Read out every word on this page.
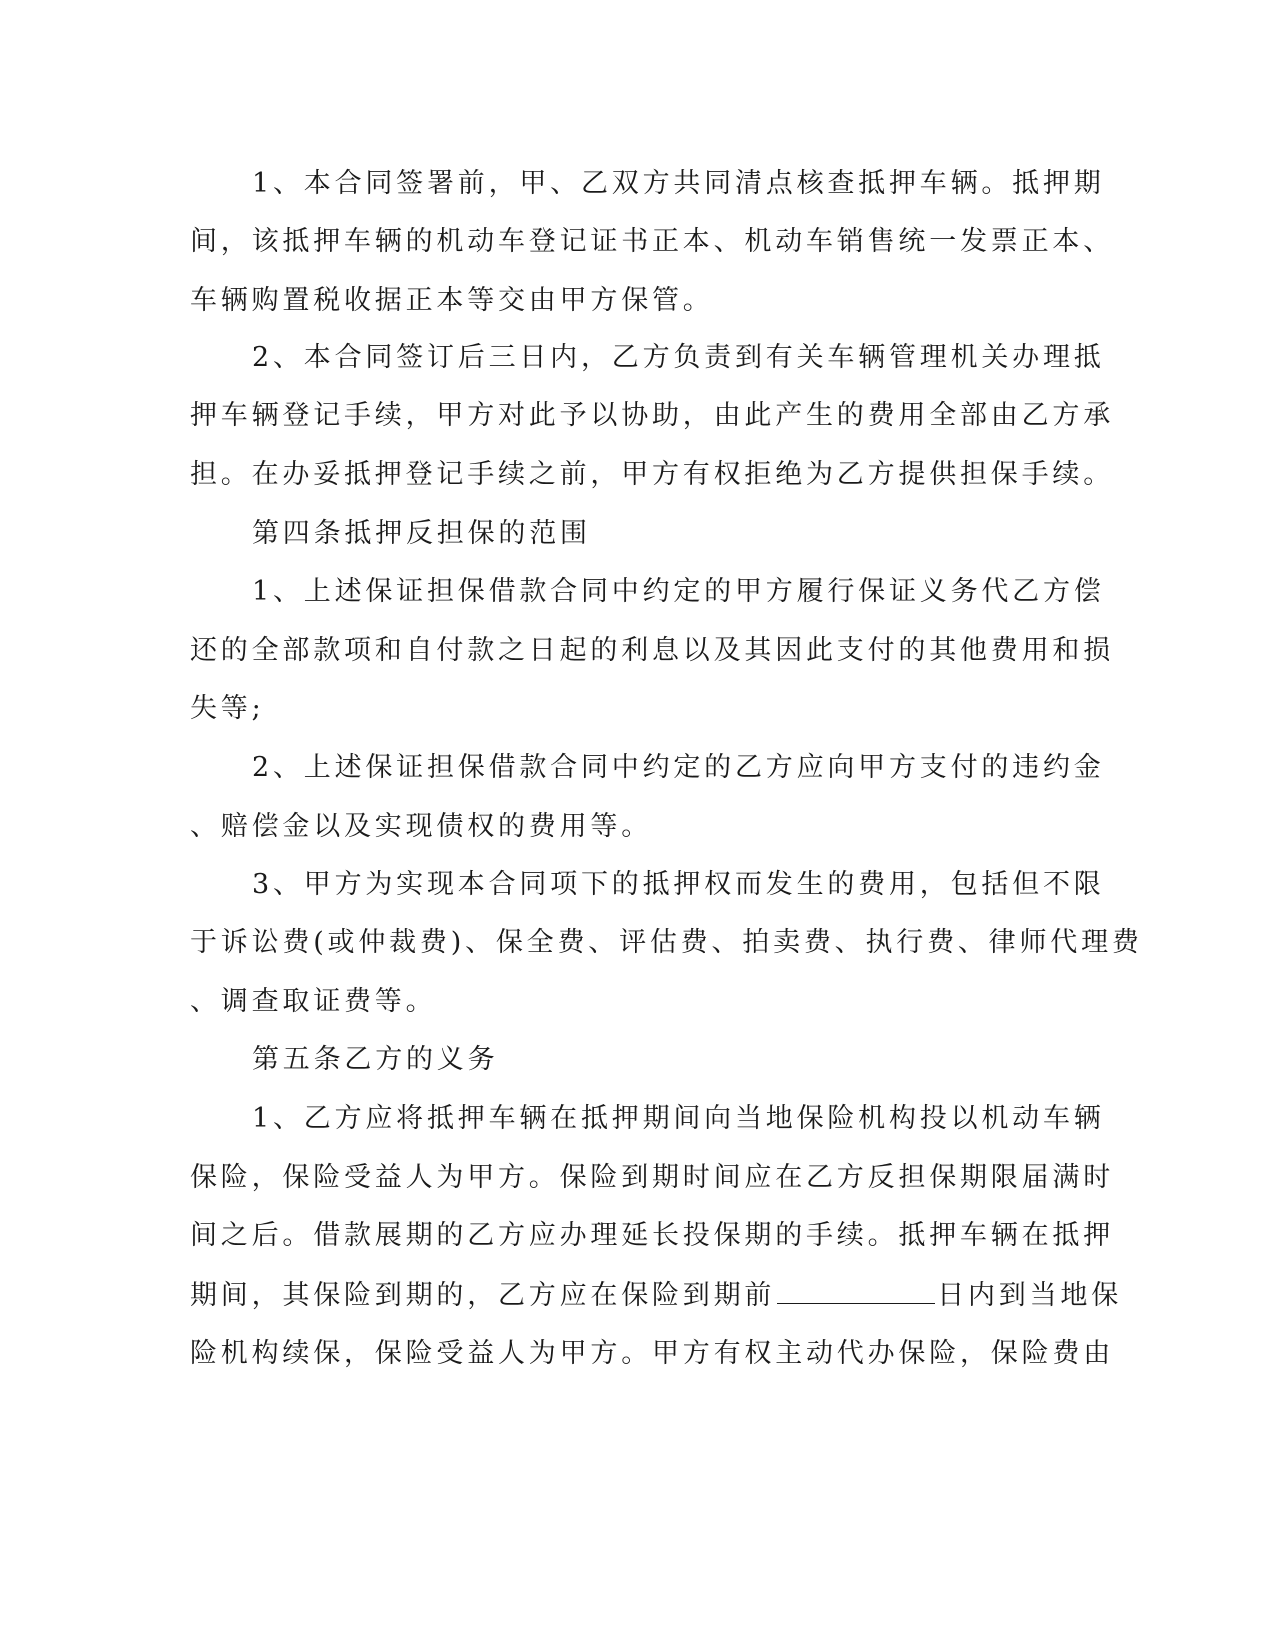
1、本合同签署前，甲、乙双方共同清点核查抵押车辆。抵押期
间，该抵押车辆的机动车登记证书正本、机动车销售统一发票正本、
车辆购置税收据正本等交由甲方保管。
2、本合同签订后三日内，乙方负责到有关车辆管理机关办理抵
押车辆登记手续，甲方对此予以协助，由此产生的费用全部由乙方承
担。在办妥抵押登记手续之前，甲方有权拒绝为乙方提供担保手续。
第四条抵押反担保的范围
1、上述保证担保借款合同中约定的甲方履行保证义务代乙方偿
还的全部款项和自付款之日起的利息以及其因此支付的其他费用和损
失等;
2、上述保证担保借款合同中约定的乙方应向甲方支付的违约金
、赔偿金以及实现债权的费用等。
3、甲方为实现本合同项下的抵押权而发生的费用，包括但不限
于诉讼费(或仲裁费)、保全费、评估费、拍卖费、执行费、律师代理费
、调查取证费等。
第五条乙方的义务
1、乙方应将抵押车辆在抵押期间向当地保险机构投以机动车辆
保险，保险受益人为甲方。保险到期时间应在乙方反担保期限届满时
间之后。借款展期的乙方应办理延长投保期的手续。抵押车辆在抵押
期间，其保险到期的，乙方应在保险到期前	日内到当地保
险机构续保，保险受益人为甲方。甲方有权主动代办保险，保险费由
